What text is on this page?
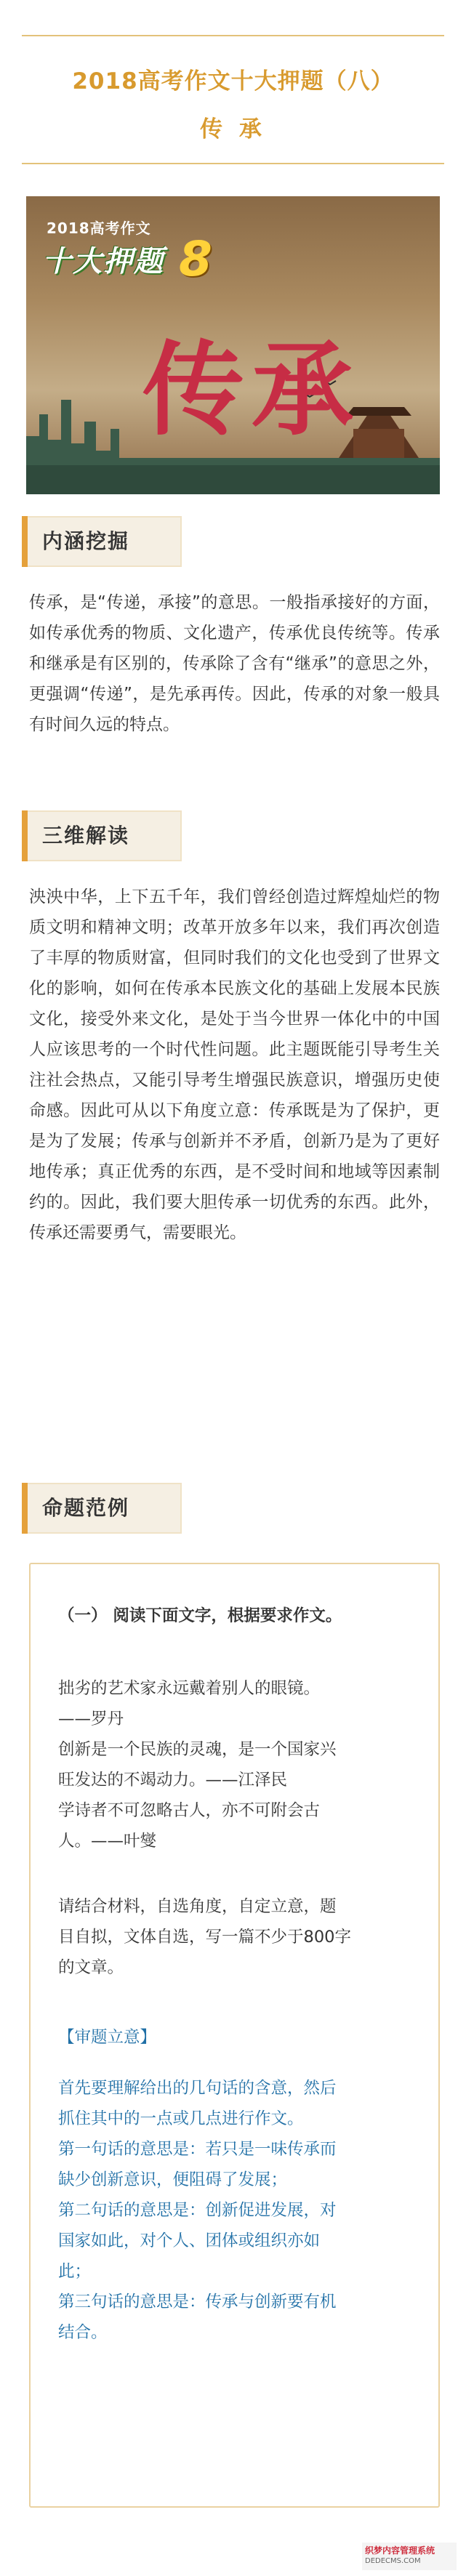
2018高考作文十大押题（八）
传 承
2018高考作文
十大押题 8
传承
内涵挖掘
传承，是“传递，承接”的意思。一般指承接好的方面，如传承优秀的物质、文化遗产，传承优良传统等。传承和继承是有区别的，传承除了含有“继承”的意思之外，更强调“传递”，是先承再传。因此，传承的对象一般具有时间久远的特点。
三维解读
泱泱中华，上下五千年，我们曾经创造过辉煌灿烂的物质文明和精神文明；改革开放多年以来，我们再次创造了丰厚的物质财富，但同时我们的文化也受到了世界文化的影响，如何在传承本民族文化的基础上发展本民族文化，接受外来文化，是处于当今世界一体化中的中国人应该思考的一个时代性问题。此主题既能引导考生关注社会热点，又能引导考生增强民族意识，增强历史使命感。因此可从以下角度立意：传承既是为了保护，更是为了发展；传承与创新并不矛盾，创新乃是为了更好地传承；真正优秀的东西，是不受时间和地域等因素制约的。因此，我们要大胆传承一切优秀的东西。此外，传承还需要勇气，需要眼光。
命题范例
（一） 阅读下面文字，根据要求作文。
拙劣的艺术家永远戴着别人的眼镜。
——罗丹
创新是一个民族的灵魂，是一个国家兴
旺发达的不竭动力。——江泽民
学诗者不可忽略古人，亦不可附会古
人。——叶燮
请结合材料，自选角度，自定立意，题
目自拟，文体自选，写一篇不少于800字
的文章。
【审题立意】
首先要理解给出的几句话的含意，然后
抓住其中的一点或几点进行作文。
第一句话的意思是：若只是一味传承而
缺少创新意识，便阻碍了发展；
第二句话的意思是：创新促进发展，对
国家如此，对个人、团体或组织亦如
此；
第三句话的意思是：传承与创新要有机
结合。
织梦内容管理系统
DEDECMS.COM
